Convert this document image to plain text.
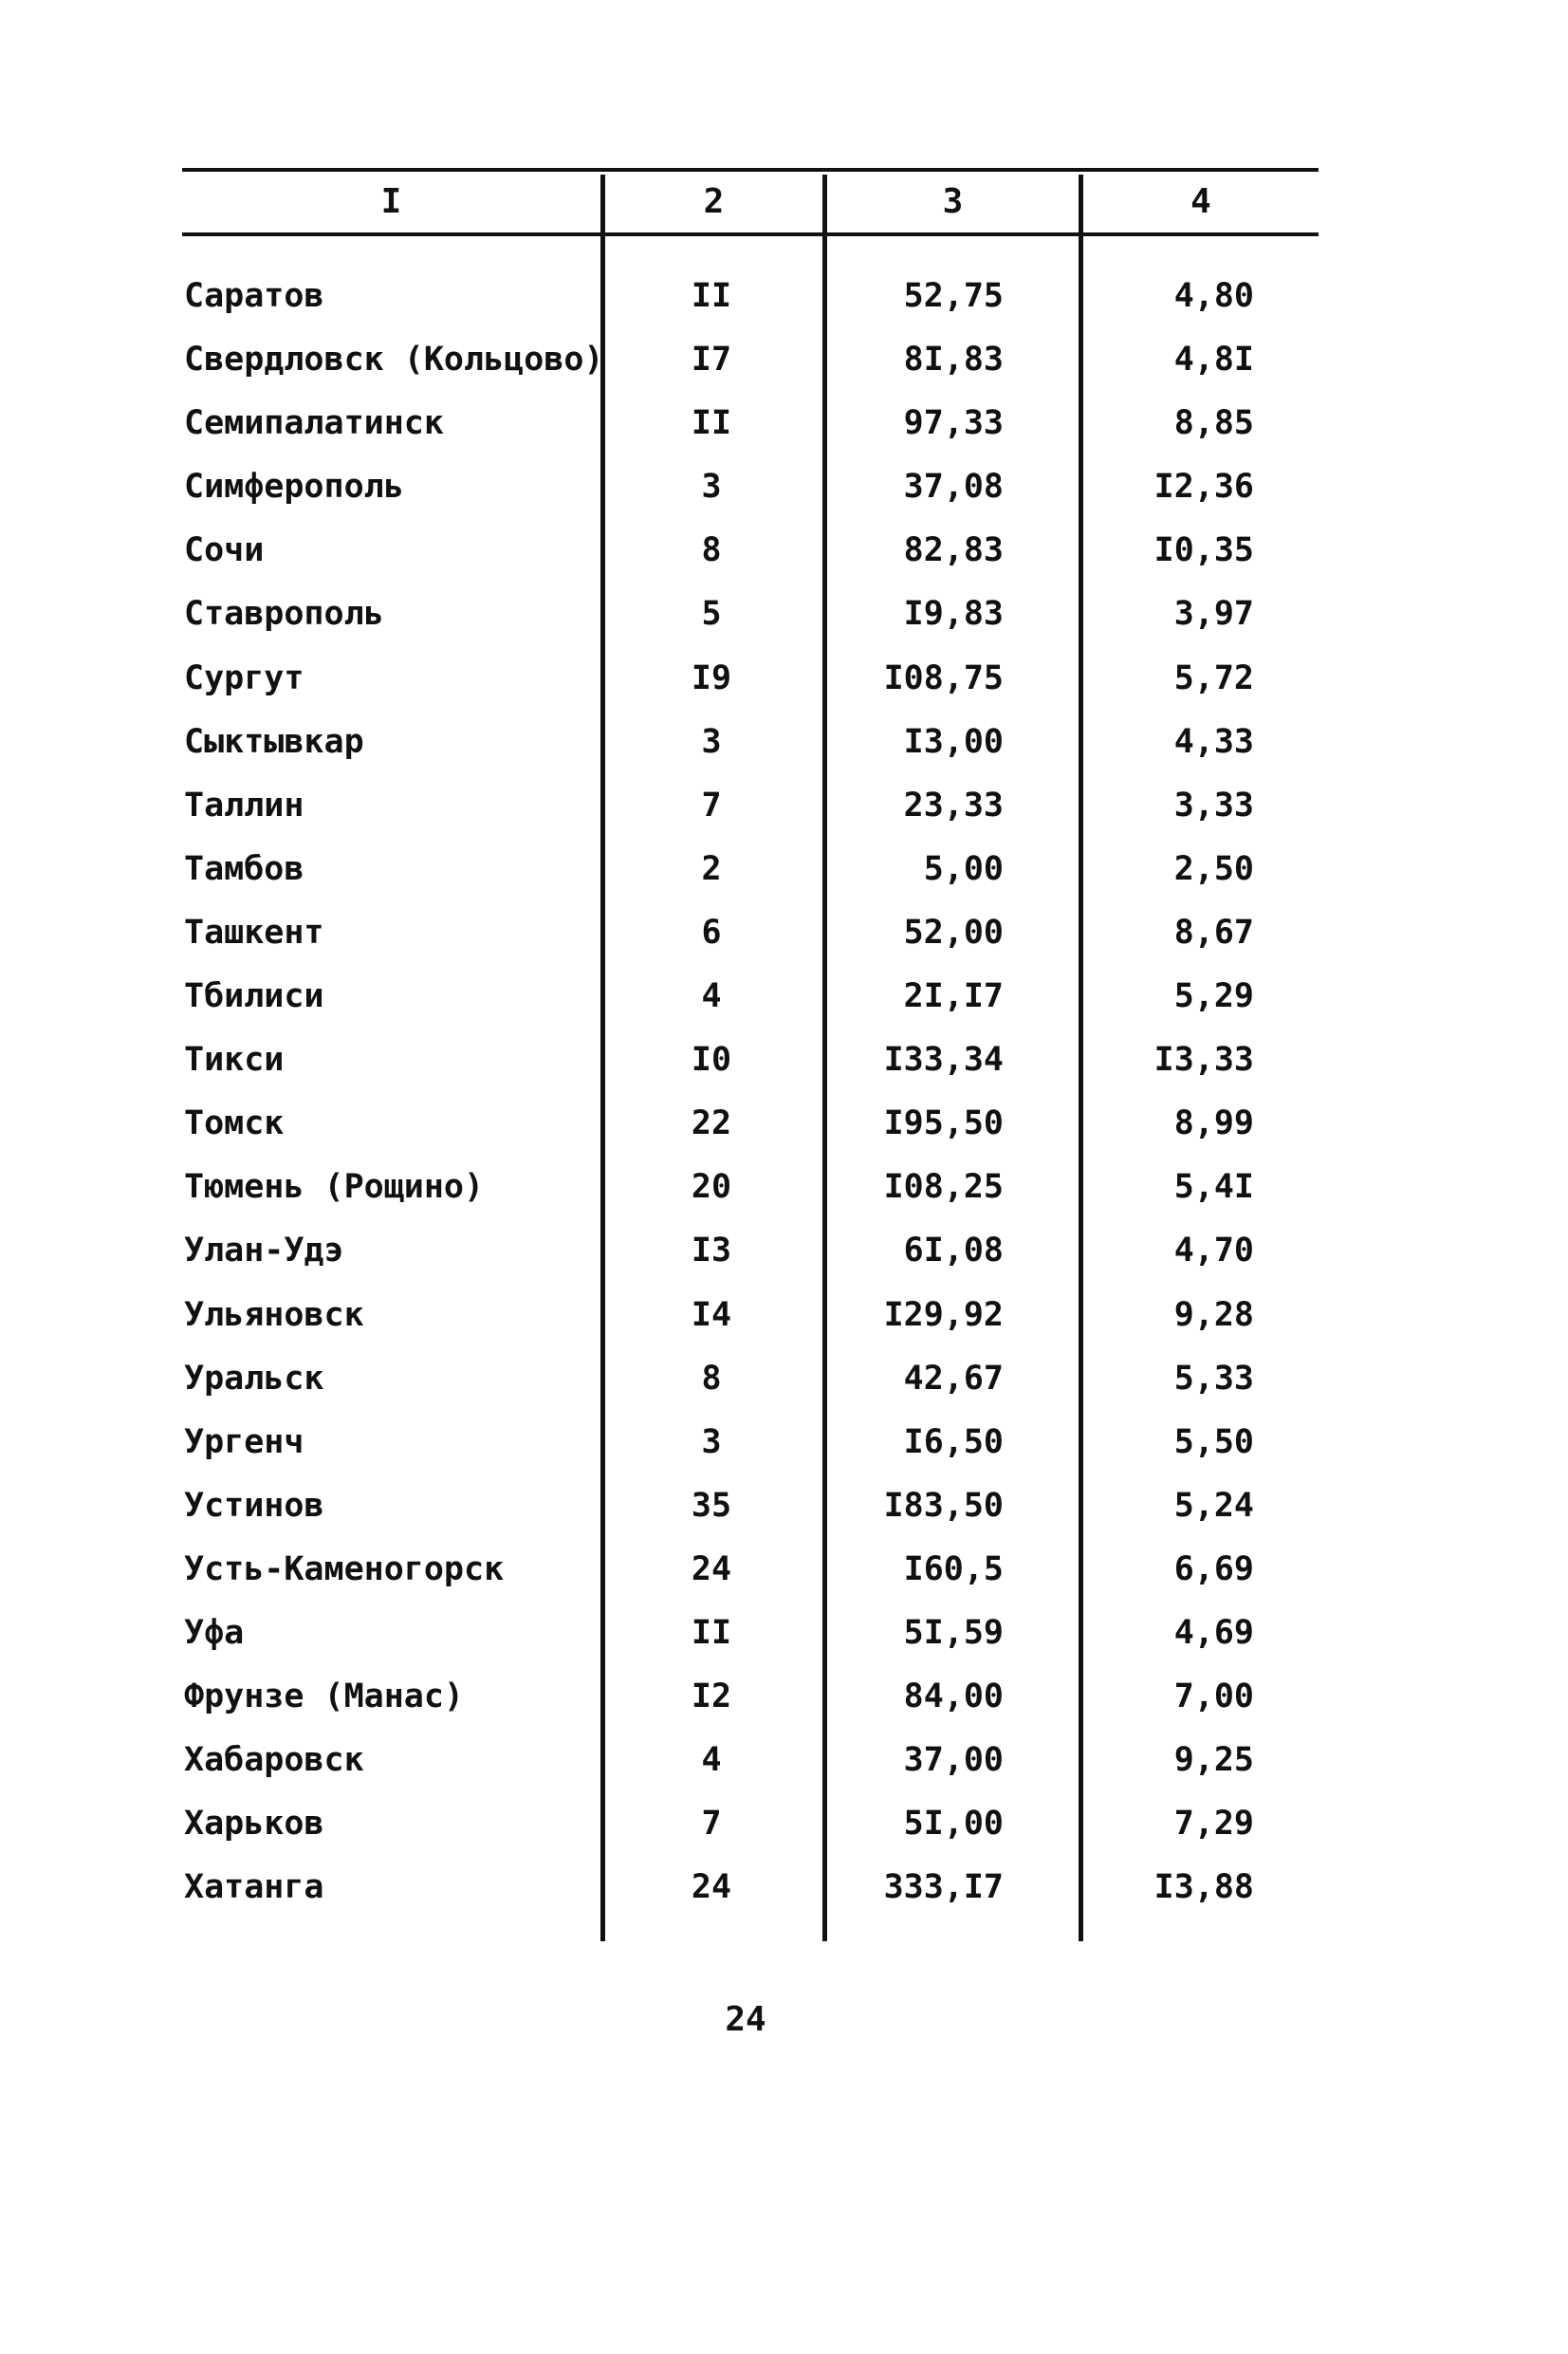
I	2	3	4
Саратов	II	52,75	4,80
Свердловск (Кольцово)	I7	8I,83	4,8I
Семипалатинск	II	97,33	8,85
Симферополь	3	37,08	I2,36
Сочи	8	82,83	I0,35
Ставрополь	5	I9,83	3,97
Сургут	I9	I08,75	5,72
Сыктывкар	3	I3,00	4,33
Таллин	7	23,33	3,33
Тамбов	2	5,00	2,50
Ташкент	6	52,00	8,67
Тбилиси	4	2I,I7	5,29
Тикси	I0	I33,34	I3,33
Томск	22	I95,50	8,99
Тюмень (Рощино)	20	I08,25	5,4I
Улан-Удэ	I3	6I,08	4,70
Ульяновск	I4	I29,92	9,28
Уральск	8	42,67	5,33
Ургенч	3	I6,50	5,50
Устинов	35	I83,50	5,24
Усть-Каменогорск	24	I60,5	6,69
Уфа	II	5I,59	4,69
Фрунзе (Манас)	I2	84,00	7,00
Хабаровск	4	37,00	9,25
Харьков	7	5I,00	7,29
Хатанга	24	333,I7	I3,88
24
